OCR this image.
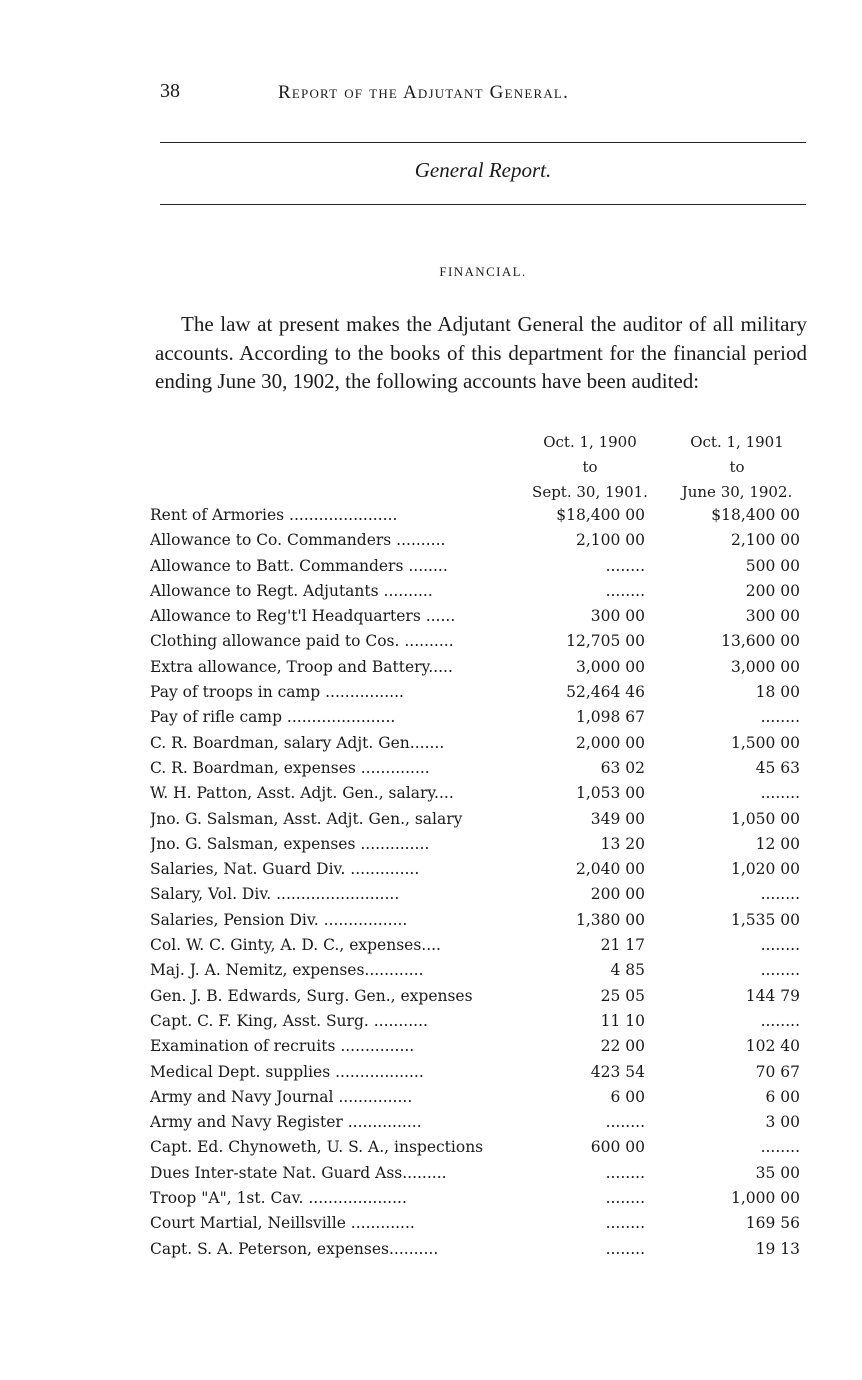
38	Report of the Adjutant General.
General Report.
FINANCIAL.

The law at present makes the Adjutant General the auditor of all military accounts. According to the books of this department for the financial period ending June 30, 1902, the following accounts have been audited:

Oct. 1, 1900
to
Sept. 30, 1901.
Oct. 1, 1901
to
June 30, 1902.
Rent of Armories ......................	$18,400 00	$18,400 00
Allowance to Co. Commanders ..........	2,100 00	2,100 00
Allowance to Batt. Commanders ........	........	500 00
Allowance to Regt. Adjutants ..........	........	200 00
Allowance to Reg't'l Headquarters ......	300 00	300 00
Clothing allowance paid to Cos. ..........	12,705 00	13,600 00
Extra allowance, Troop and Battery.....	3,000 00	3,000 00
Pay of troops in camp ................	52,464 46	18 00
Pay of rifle camp ......................	1,098 67	........
C. R. Boardman, salary Adjt. Gen.......	2,000 00	1,500 00
C. R. Boardman, expenses ..............	63 02	45 63
W. H. Patton, Asst. Adjt. Gen., salary....	1,053 00	........
Jno. G. Salsman, Asst. Adjt. Gen., salary	349 00	1,050 00
Jno. G. Salsman, expenses ..............	13 20	12 00
Salaries, Nat. Guard Div. ..............	2,040 00	1,020 00
Salary, Vol. Div. .........................	200 00	........
Salaries, Pension Div. .................	1,380 00	1,535 00
Col. W. C. Ginty, A. D. C., expenses....	21 17	........
Maj. J. A. Nemitz, expenses............	4 85	........
Gen. J. B. Edwards, Surg. Gen., expenses	25 05	144 79
Capt. C. F. King, Asst. Surg. ...........	11 10	........
Examination of recruits ...............	22 00	102 40
Medical Dept. supplies ..................	423 54	70 67
Army and Navy Journal ...............	6 00	6 00
Army and Navy Register ...............	........	3 00
Capt. Ed. Chynoweth, U. S. A., inspections	600 00	........
Dues Inter-state Nat. Guard Ass.........	........	35 00
Troop "A", 1st. Cav. ....................	........	1,000 00
Court Martial, Neillsville .............	........	169 56
Capt. S. A. Peterson, expenses..........	........	19 13
